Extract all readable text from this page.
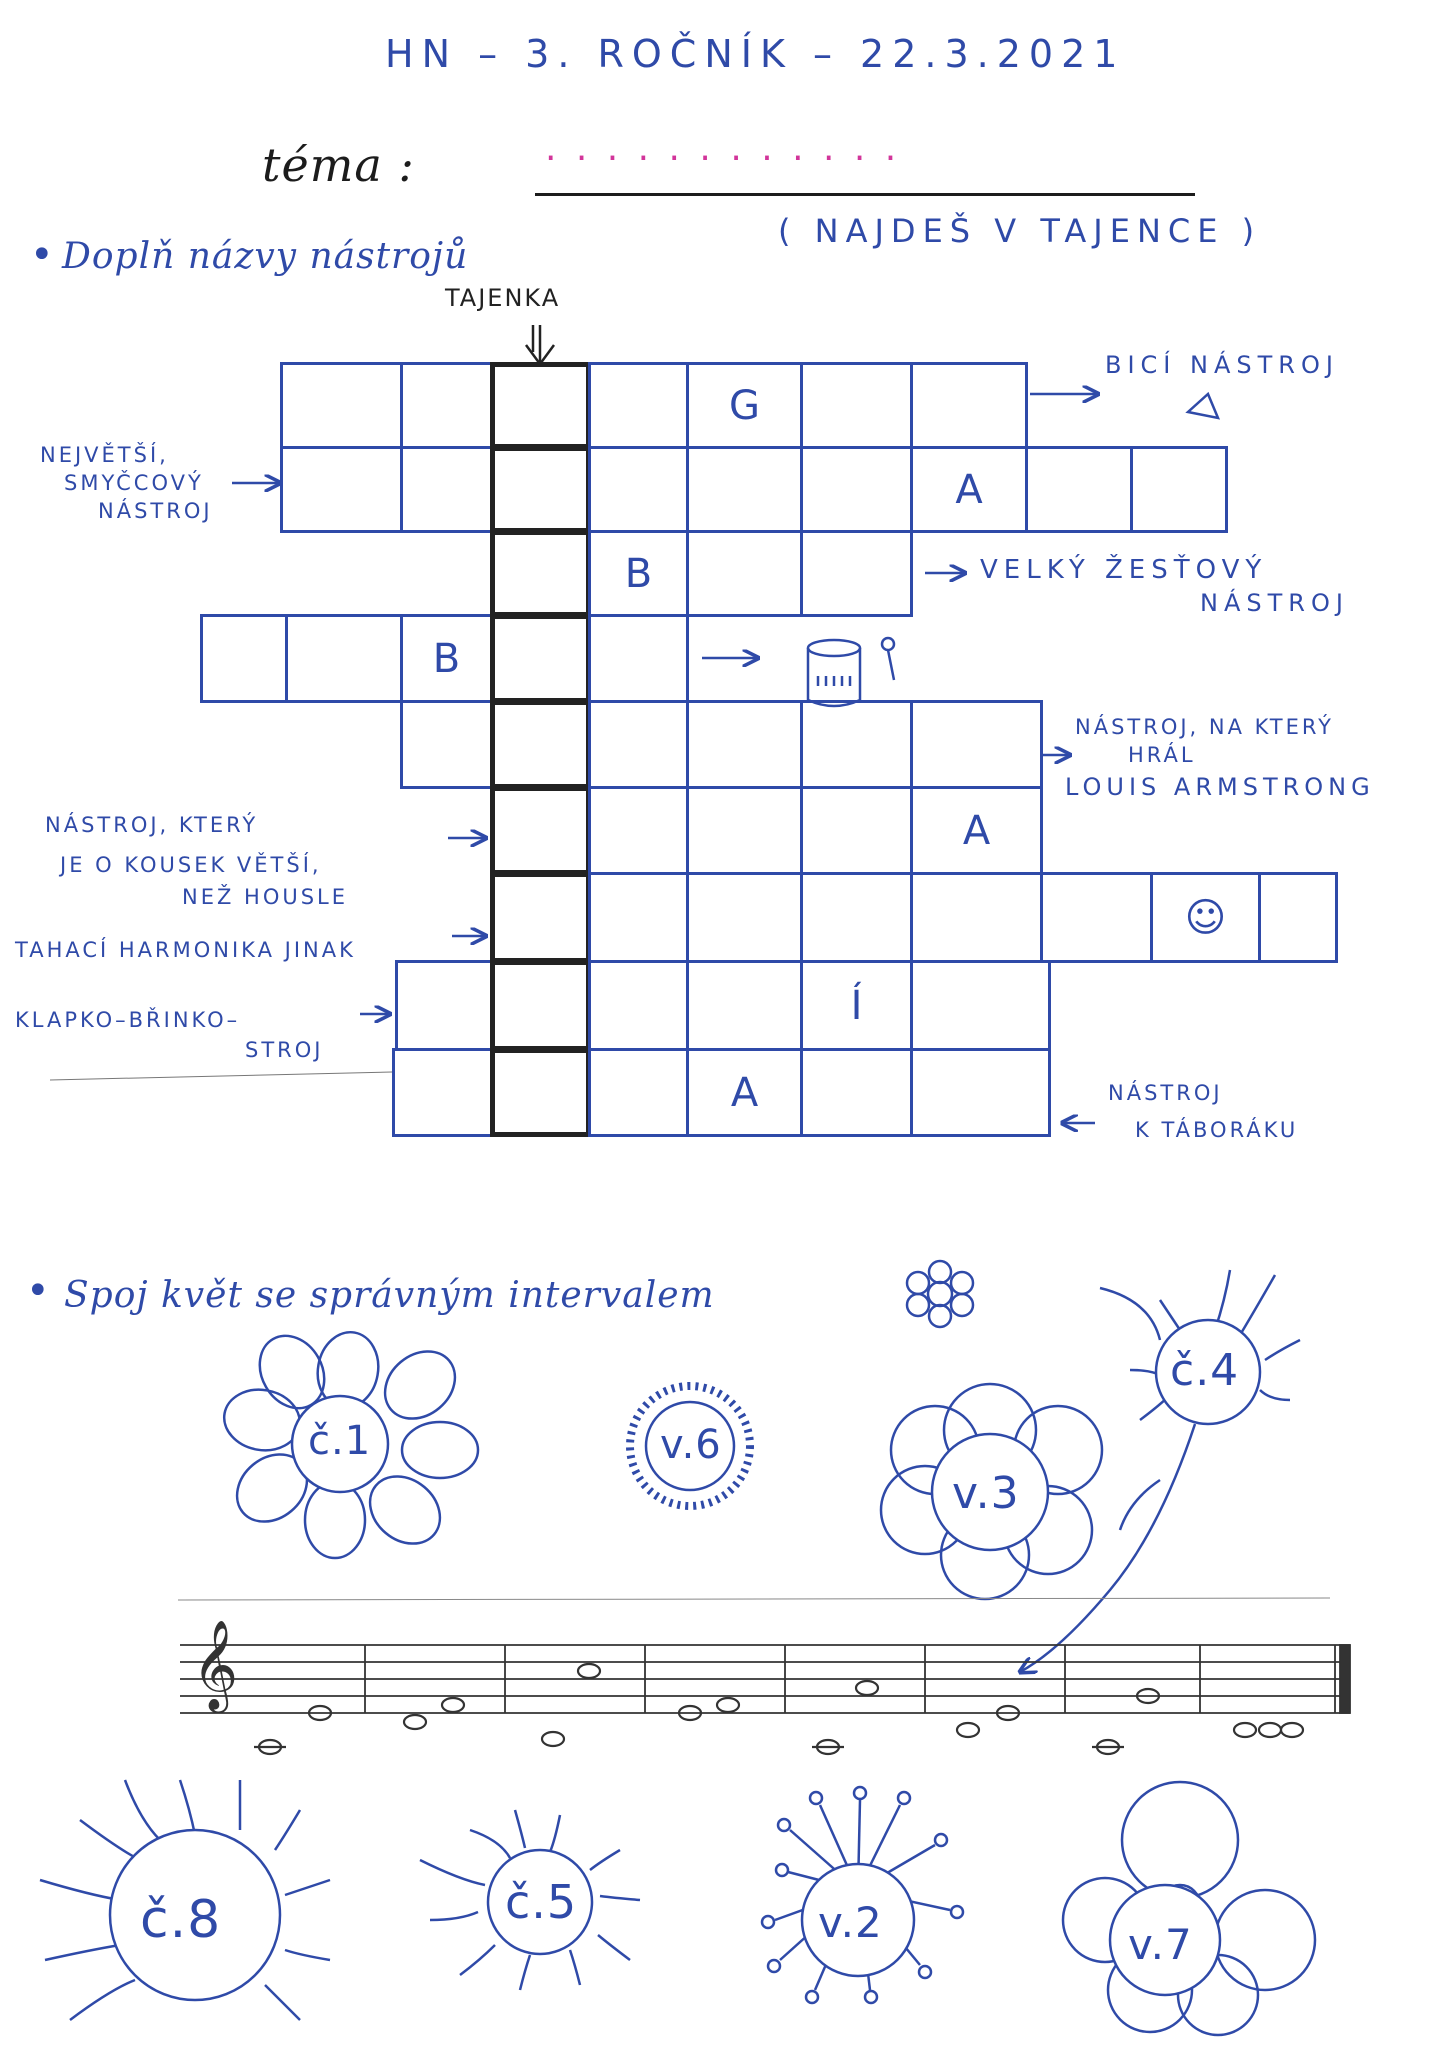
HN – 3. ROČNÍK – 22.3.2021
téma :	. . . . . . . . . . . .
( NAJDEŠ V TAJENCE )
• Doplň názvy nástrojů
TAJENKA
č.1	v.6
v.3
č.4
č.8	č.5	v.2	v.7
𝄞
• Spoj květ se správným intervalem
BICÍ NÁSTROJ
NEJVĚTŠÍ,
SMYČCOVÝ
NÁSTROJ
VELKÝ ŽESŤOVÝ
NÁSTROJ
NÁSTROJ, NA KTERÝ
HRÁL
LOUIS ARMSTRONG
NÁSTROJ, KTERÝ
JE O KOUSEK VĚTŠÍ,
NEŽ HOUSLE
TAHACÍ HARMONIKA JINAK
KLAPKO–BŘINKO–
STROJ
NÁSTROJ
K TÁBORÁKU
G
A
B
B
A
☺
Í
A
